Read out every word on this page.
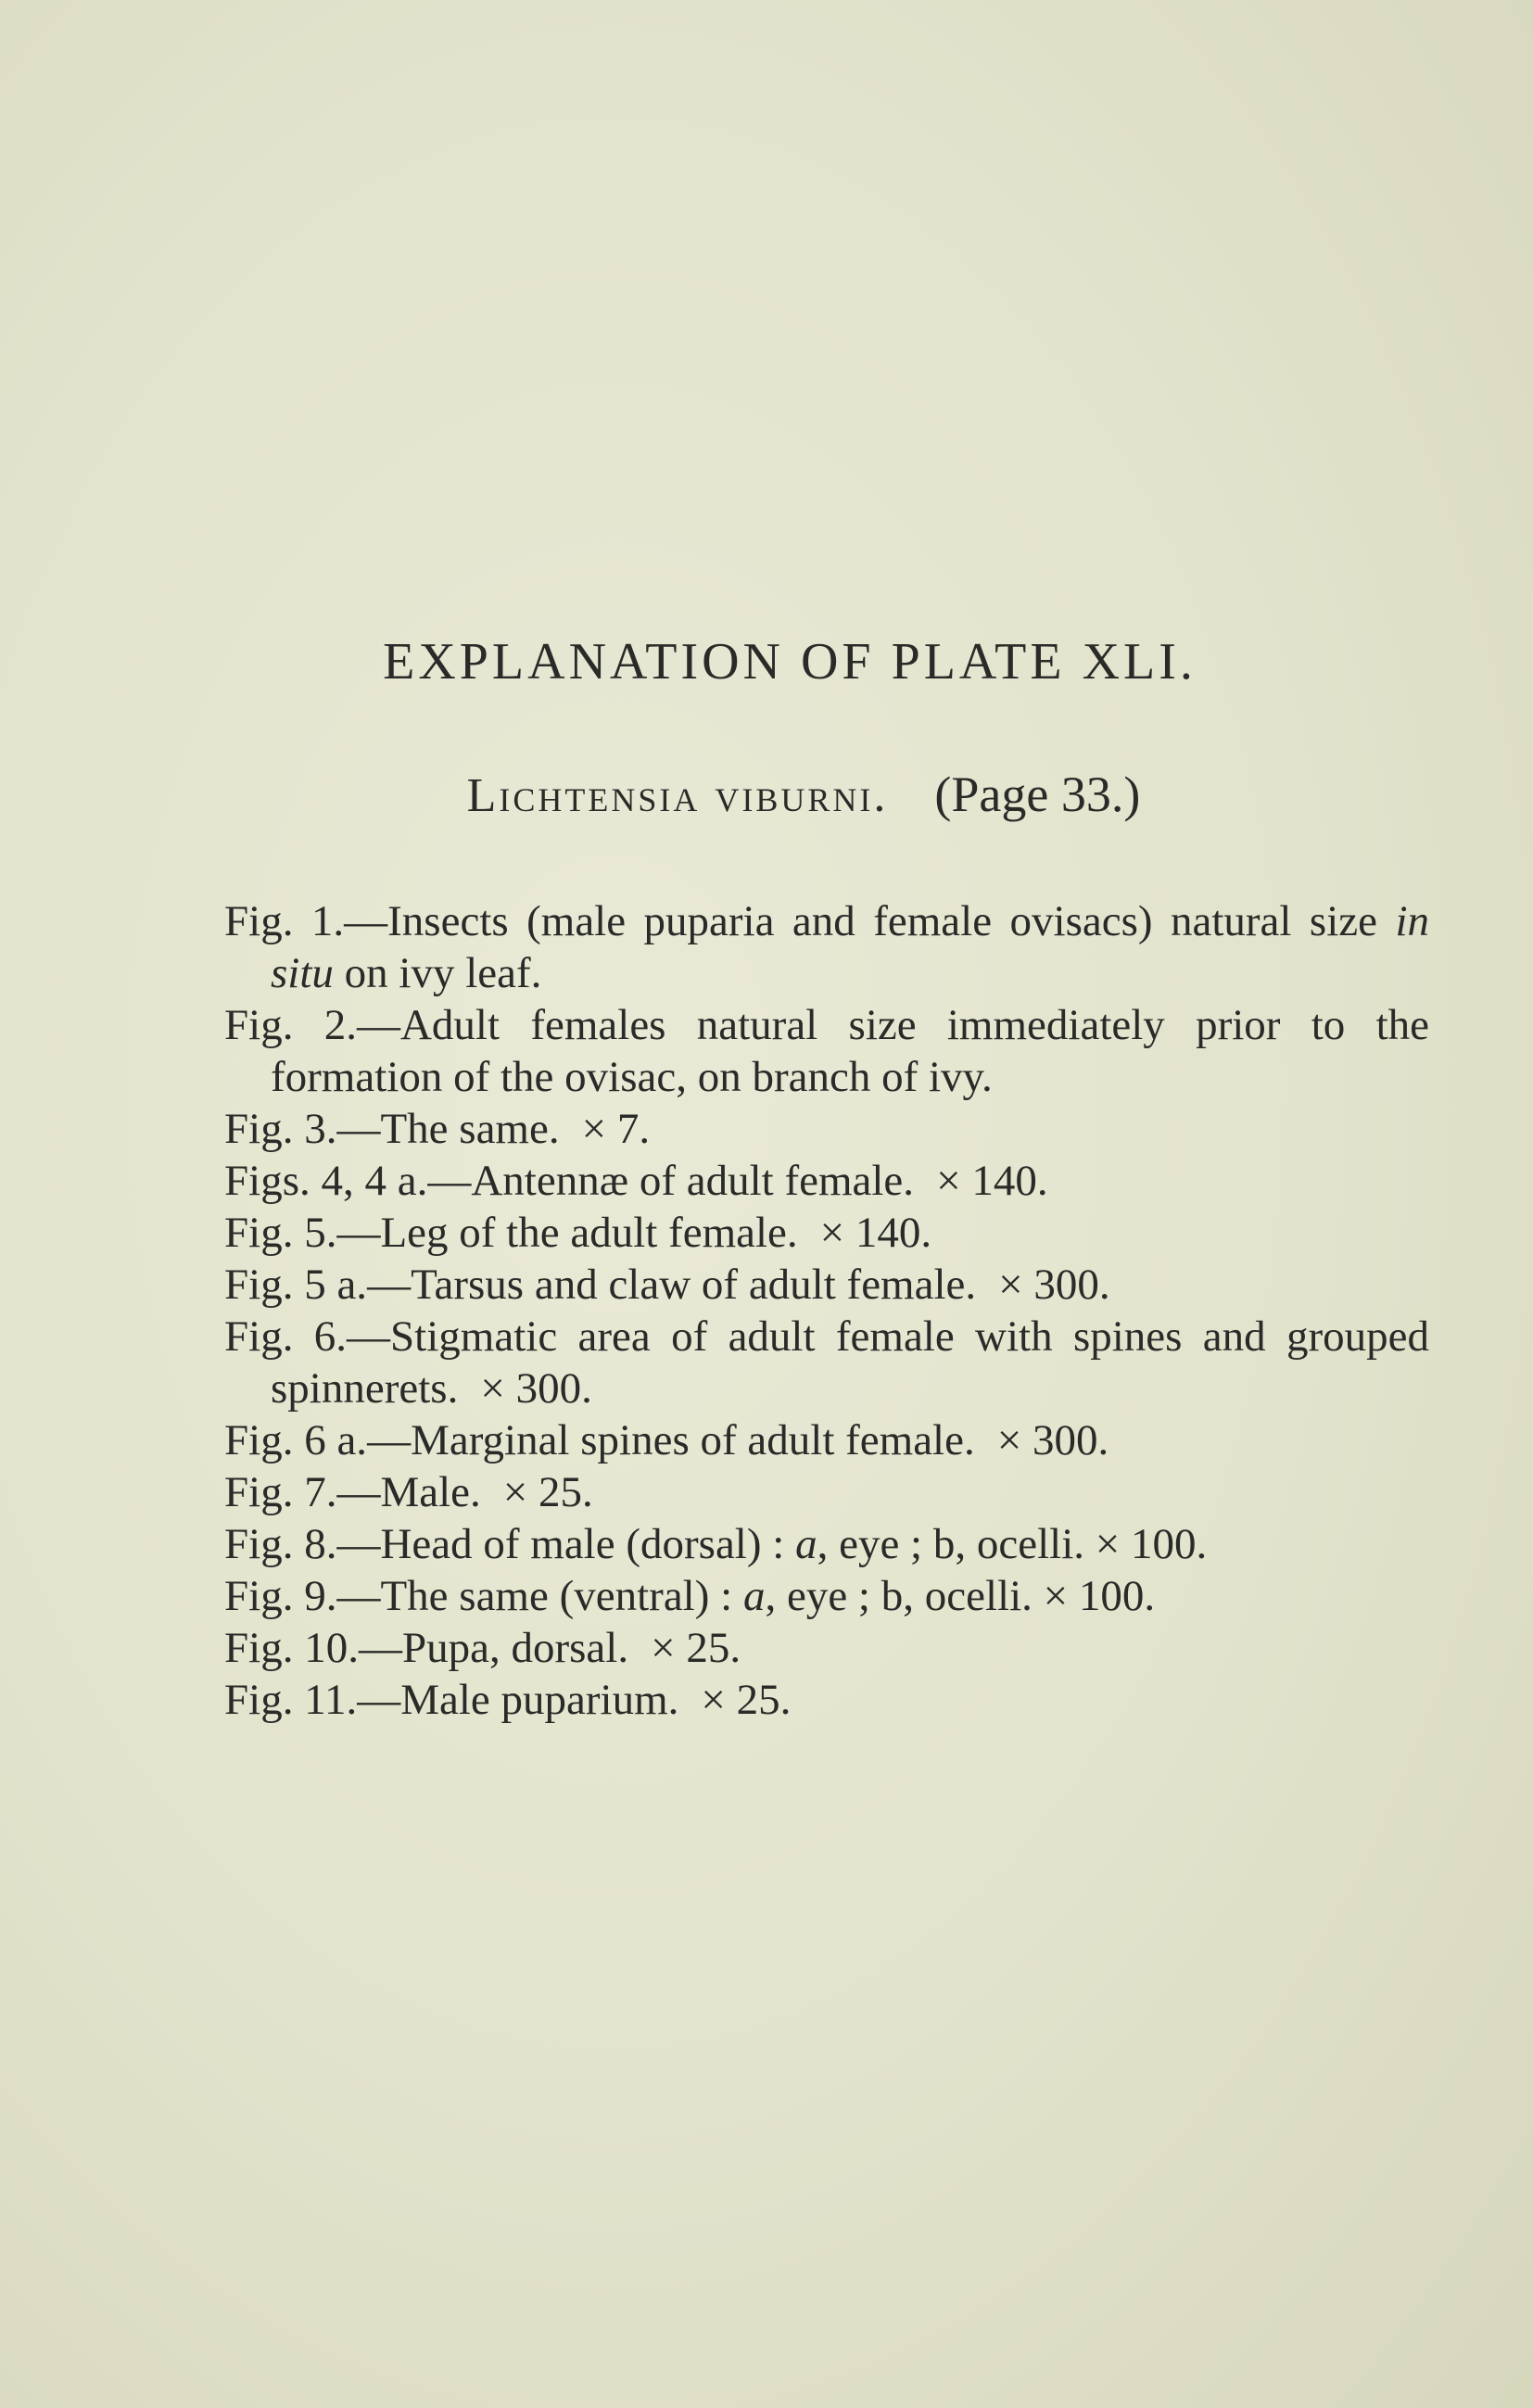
EXPLANATION OF PLATE XLI.
Lichtensia viburni. (Page 33.)

Fig. 1.—Insects (male puparia and female ovisacs) natural size in situ on ivy leaf.

Fig. 2.—Adult females natural size immediately prior to the formation of the ovisac, on branch of ivy.

Fig. 3.—The same. × 7.

Figs. 4, 4 a.—Antennæ of adult female. × 140.

Fig. 5.—Leg of the adult female. × 140.

Fig. 5 a.—Tarsus and claw of adult female. × 300.

Fig. 6.—Stigmatic area of adult female with spines and grouped spinnerets. × 300.

Fig. 6 a.—Marginal spines of adult female. × 300.

Fig. 7.—Male. × 25.

Fig. 8.—Head of male (dorsal) : a, eye ; b, ocelli. × 100.

Fig. 9.—The same (ventral) : a, eye ; b, ocelli. × 100.

Fig. 10.—Pupa, dorsal. × 25.

Fig. 11.—Male puparium. × 25.
